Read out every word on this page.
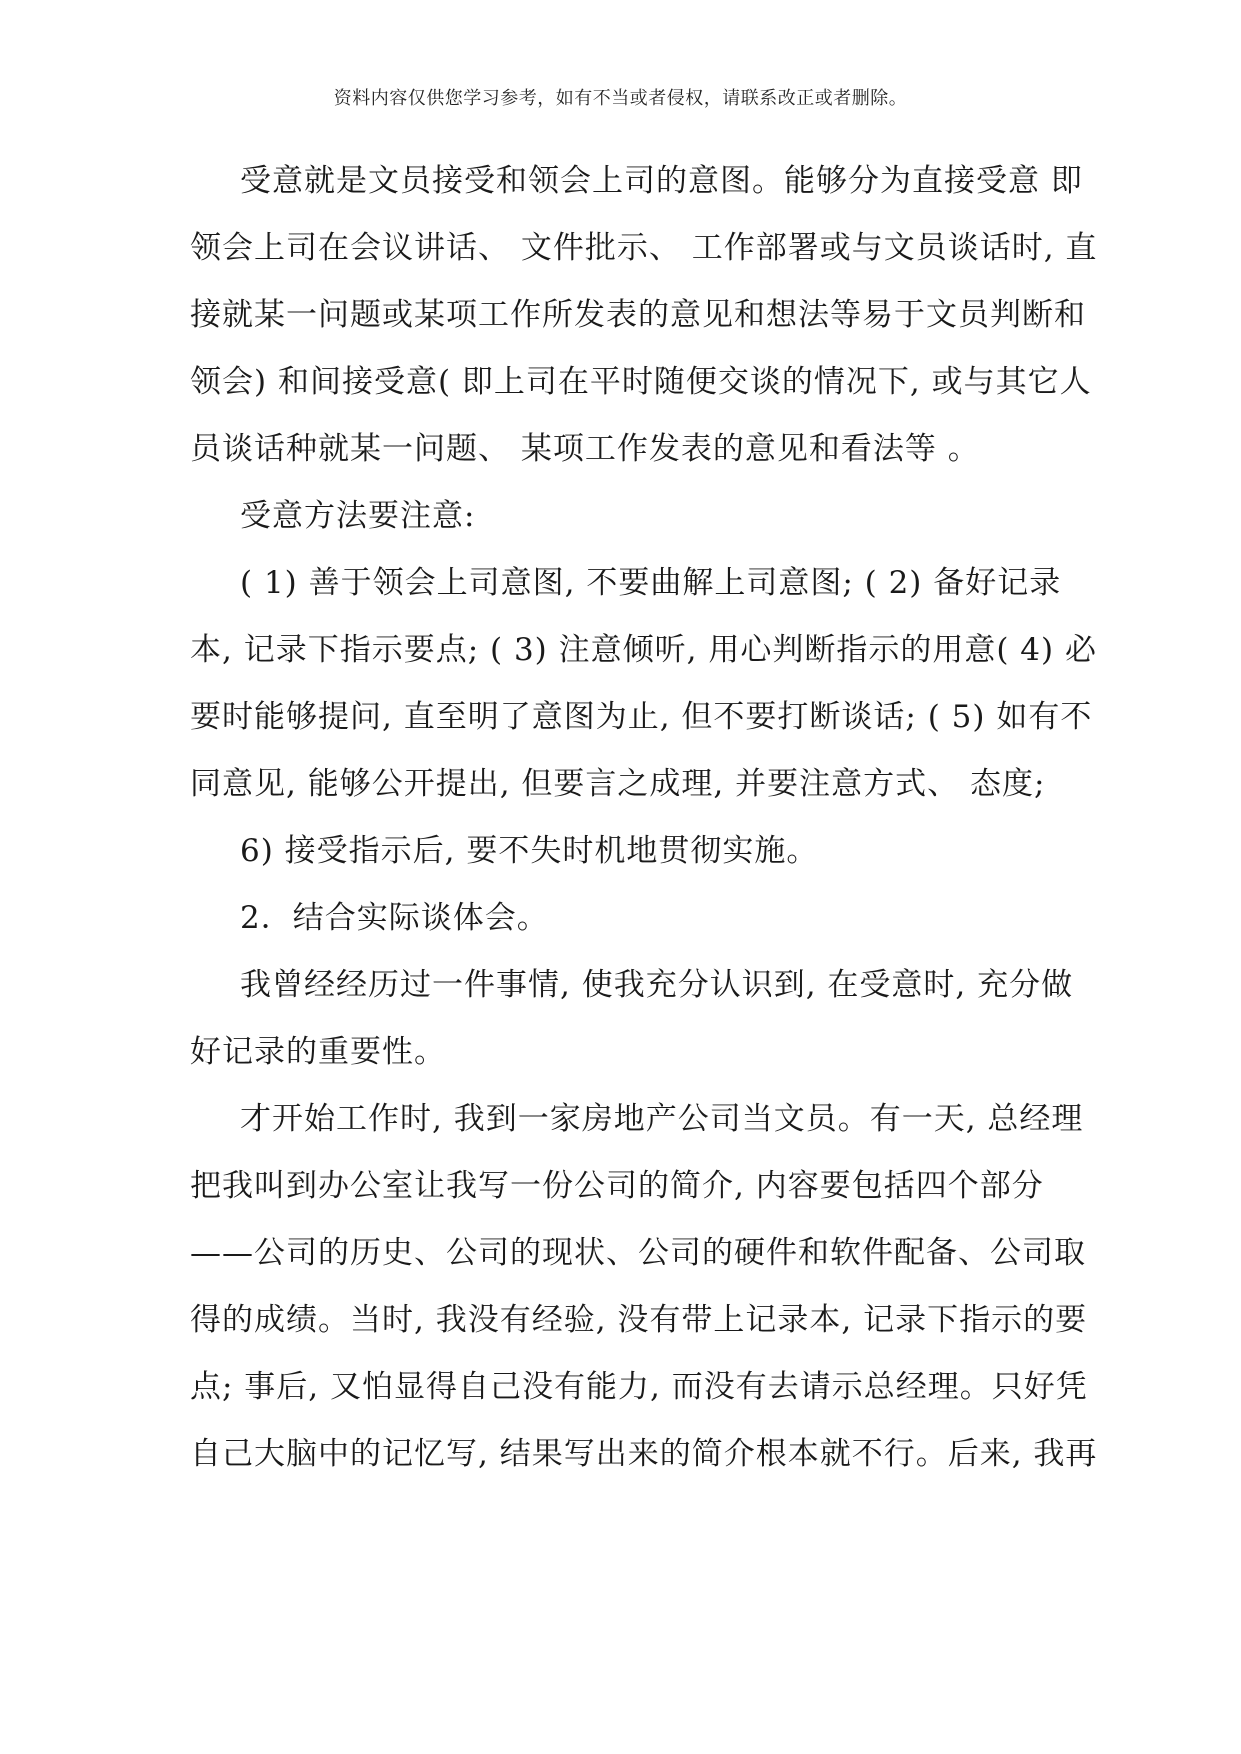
资料内容仅供您学习参考，如有不当或者侵权，请联系改正或者删除。
受意就是文员接受和领会上司的意图。能够分为直接受意 即
领会上司在会议讲话、 文件批示、 工作部署或与文员谈话时, 直
接就某一问题或某项工作所发表的意见和想法等易于文员判断和
领会) 和间接受意( 即上司在平时随便交谈的情况下, 或与其它人
员谈话种就某一问题、 某项工作发表的意见和看法等 。
受意方法要注意:
( 1) 善于领会上司意图, 不要曲解上司意图; ( 2) 备好记录
本, 记录下指示要点; ( 3) 注意倾听, 用心判断指示的用意( 4) 必
要时能够提问, 直至明了意图为止, 但不要打断谈话; ( 5) 如有不
同意见, 能够公开提出, 但要言之成理, 并要注意方式、 态度;
6) 接受指示后, 要不失时机地贯彻实施。
2．结合实际谈体会。
我曾经经历过一件事情, 使我充分认识到, 在受意时, 充分做
好记录的重要性。
才开始工作时, 我到一家房地产公司当文员。有一天, 总经理
把我叫到办公室让我写一份公司的简介, 内容要包括四个部分
——公司的历史、公司的现状、公司的硬件和软件配备、公司取
得的成绩。当时, 我没有经验, 没有带上记录本, 记录下指示的要
点; 事后, 又怕显得自己没有能力, 而没有去请示总经理。只好凭
自己大脑中的记忆写, 结果写出来的简介根本就不行。后来, 我再
